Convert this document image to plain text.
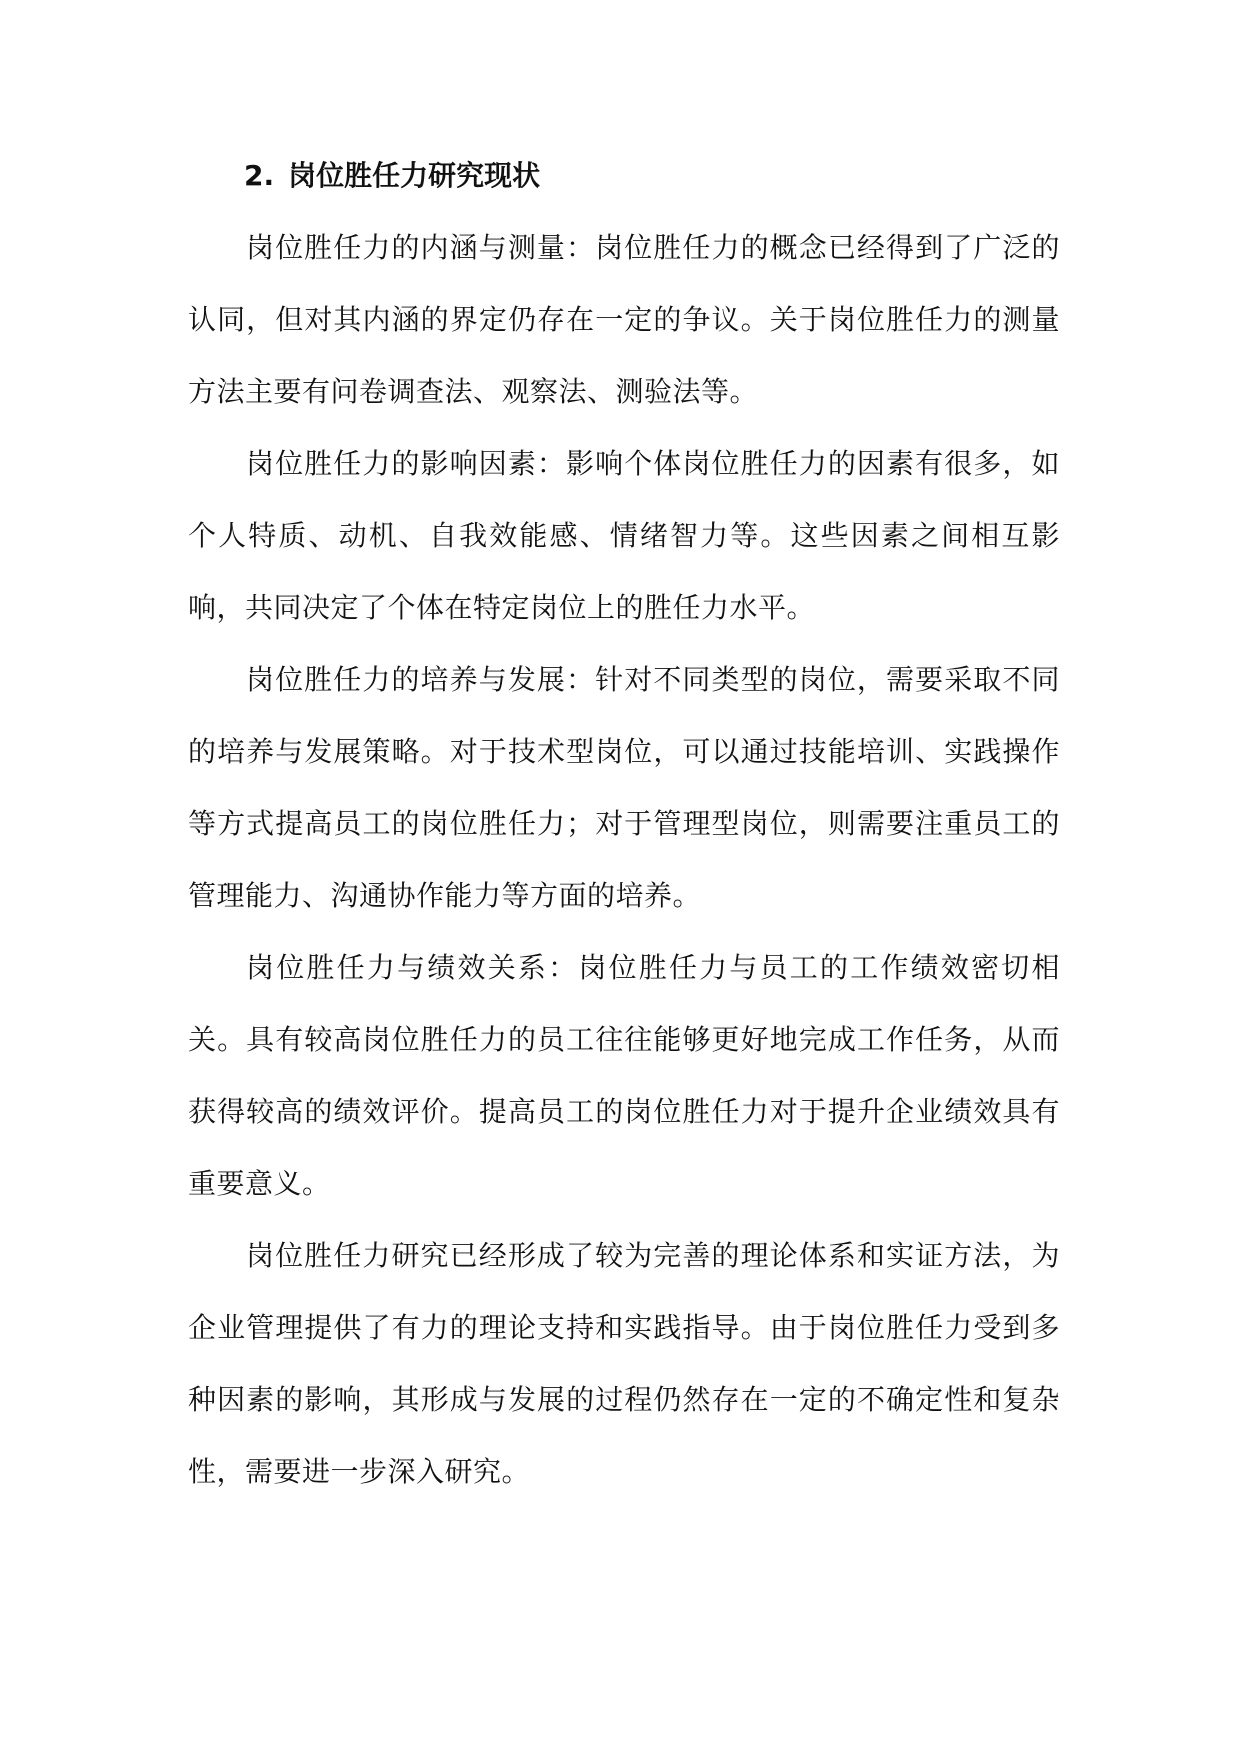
2. 岗位胜任力研究现状

岗位胜任力的内涵与测量：岗位胜任力的概念已经得到了广泛的认同，但对其内涵的界定仍存在一定的争议。关于岗位胜任力的测量方法主要有问卷调查法、观察法、测验法等。

岗位胜任力的影响因素：影响个体岗位胜任力的因素有很多，如个人特质、动机、自我效能感、情绪智力等。这些因素之间相互影响，共同决定了个体在特定岗位上的胜任力水平。

岗位胜任力的培养与发展：针对不同类型的岗位，需要采取不同的培养与发展策略。对于技术型岗位，可以通过技能培训、实践操作等方式提高员工的岗位胜任力；对于管理型岗位，则需要注重员工的管理能力、沟通协作能力等方面的培养。

岗位胜任力与绩效关系：岗位胜任力与员工的工作绩效密切相关。具有较高岗位胜任力的员工往往能够更好地完成工作任务，从而获得较高的绩效评价。提高员工的岗位胜任力对于提升企业绩效具有重要意义。

岗位胜任力研究已经形成了较为完善的理论体系和实证方法，为企业管理提供了有力的理论支持和实践指导。由于岗位胜任力受到多种因素的影响，其形成与发展的过程仍然存在一定的不确定性和复杂性，需要进一步深入研究。
